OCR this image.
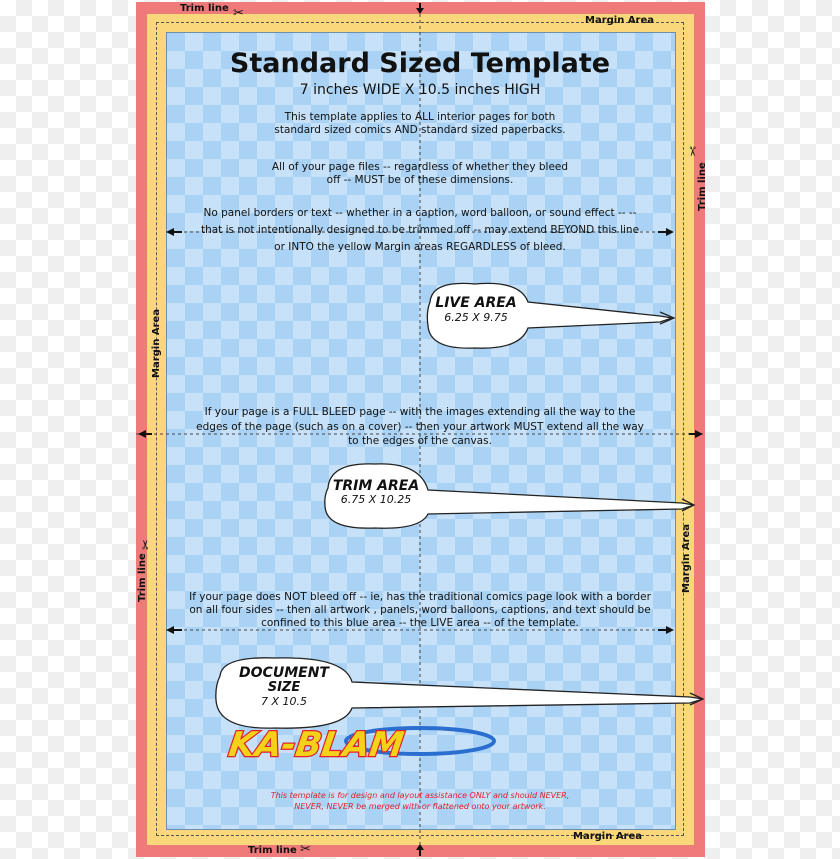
✂
✂
✂
✂
Trim line
Trim line
Trim line
Trim line
Margin Area
Margin Area
Margin Area
Margin Area
Standard Sized Template
7 inches WIDE X 10.5 inches HIGH
This template applies to ALL interior pages for both standard sized comics AND standard sized paperbacks.
All of your page files -- regardless of whether they bleed off -- MUST be of these dimensions.
No panel borders or text -- whether in a caption, word balloon, or sound effect -- -- that is not intentionally designed to be trimmed off -- may extend BEYOND this line or INTO the yellow Margin areas REGARDLESS of bleed.
If your page is a FULL BLEED page -- with the images extending all the way to the edges of the page (such as on a cover) -- then your artwork MUST extend all the way to the edges of the canvas.
If your page does NOT bleed off -- ie, has the traditional comics page look with a border on all four sides -- then all artwork , panels, word balloons, captions, and text should be confined to this blue area -- the LIVE area -- of the template.
LIVE AREA
6.25 X 9.75
TRIM AREA
6.75 X 10.25
DOCUMENT
SIZE
7 X 10.5
KA-BLAM
This template is for design and layout assistance ONLY and should NEVER, NEVER, NEVER be merged with or flattened onto your artwork.
